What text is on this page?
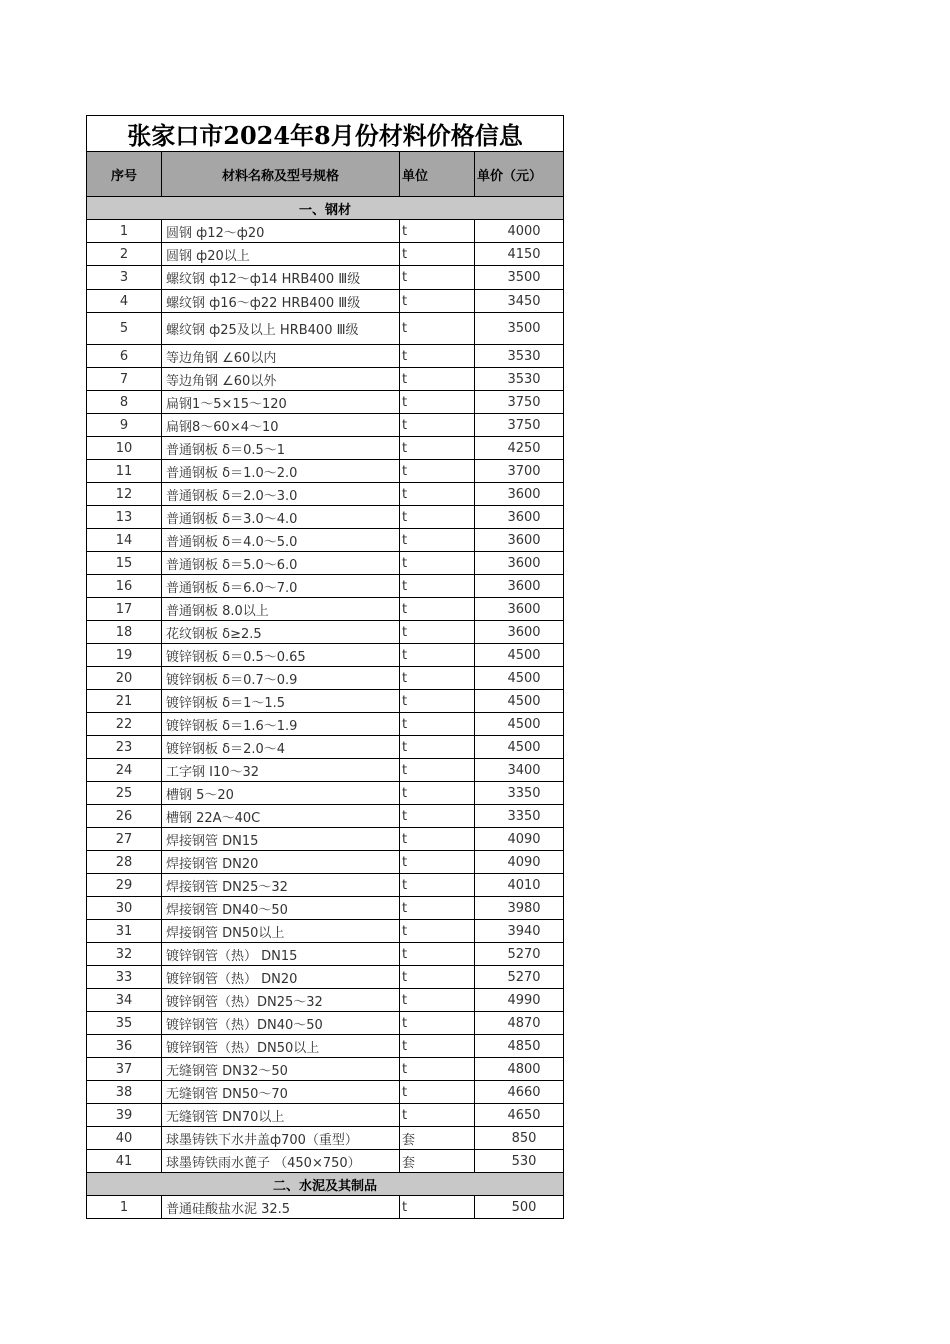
张家口市2024年8月份材料价格信息			
序号	材料名称及型号规格	单位	单价（元）
一、钢材			
1	圆钢 ф12～ф20	t	4000
2	圆钢 ф20以上	t	4150
3	螺纹钢 ф12～ф14 HRB400 Ⅲ级	t	3500
4	螺纹钢 ф16～ф22 HRB400 Ⅲ级	t	3450
5	螺纹钢 ф25及以上 HRB400 Ⅲ级	t	3500
6	等边角钢 ∠60以内	t	3530
7	等边角钢 ∠60以外	t	3530
8	扁钢1～5×15～120	t	3750
9	扁钢8～60×4～10	t	3750
10	普通钢板 δ＝0.5～1	t	4250
11	普通钢板 δ＝1.0～2.0	t	3700
12	普通钢板 δ＝2.0～3.0	t	3600
13	普通钢板 δ＝3.0～4.0	t	3600
14	普通钢板 δ＝4.0～5.0	t	3600
15	普通钢板 δ＝5.0～6.0	t	3600
16	普通钢板 δ＝6.0～7.0	t	3600
17	普通钢板 8.0以上	t	3600
18	花纹钢板 δ≥2.5	t	3600
19	镀锌钢板 δ＝0.5～0.65	t	4500
20	镀锌钢板 δ＝0.7～0.9	t	4500
21	镀锌钢板 δ＝1～1.5	t	4500
22	镀锌钢板 δ＝1.6～1.9	t	4500
23	镀锌钢板 δ＝2.0～4	t	4500
24	工字钢 Ⅰ10～32	t	3400
25	槽钢 5～20	t	3350
26	槽钢 22A～40C	t	3350
27	焊接钢管 DN15	t	4090
28	焊接钢管 DN20	t	4090
29	焊接钢管 DN25～32	t	4010
30	焊接钢管 DN40～50	t	3980
31	焊接钢管 DN50以上	t	3940
32	镀锌钢管（热） DN15	t	5270
33	镀锌钢管（热） DN20	t	5270
34	镀锌钢管（热）DN25～32	t	4990
35	镀锌钢管（热）DN40～50	t	4870
36	镀锌钢管（热）DN50以上	t	4850
37	无缝钢管 DN32～50	t	4800
38	无缝钢管 DN50～70	t	4660
39	无缝钢管 DN70以上	t	4650
40	球墨铸铁下水井盖ф700（重型）	套	850
41	球墨铸铁雨水蓖子 （450×750）	套	530
二、水泥及其制品			
1	普通硅酸盐水泥 32.5	t	500
